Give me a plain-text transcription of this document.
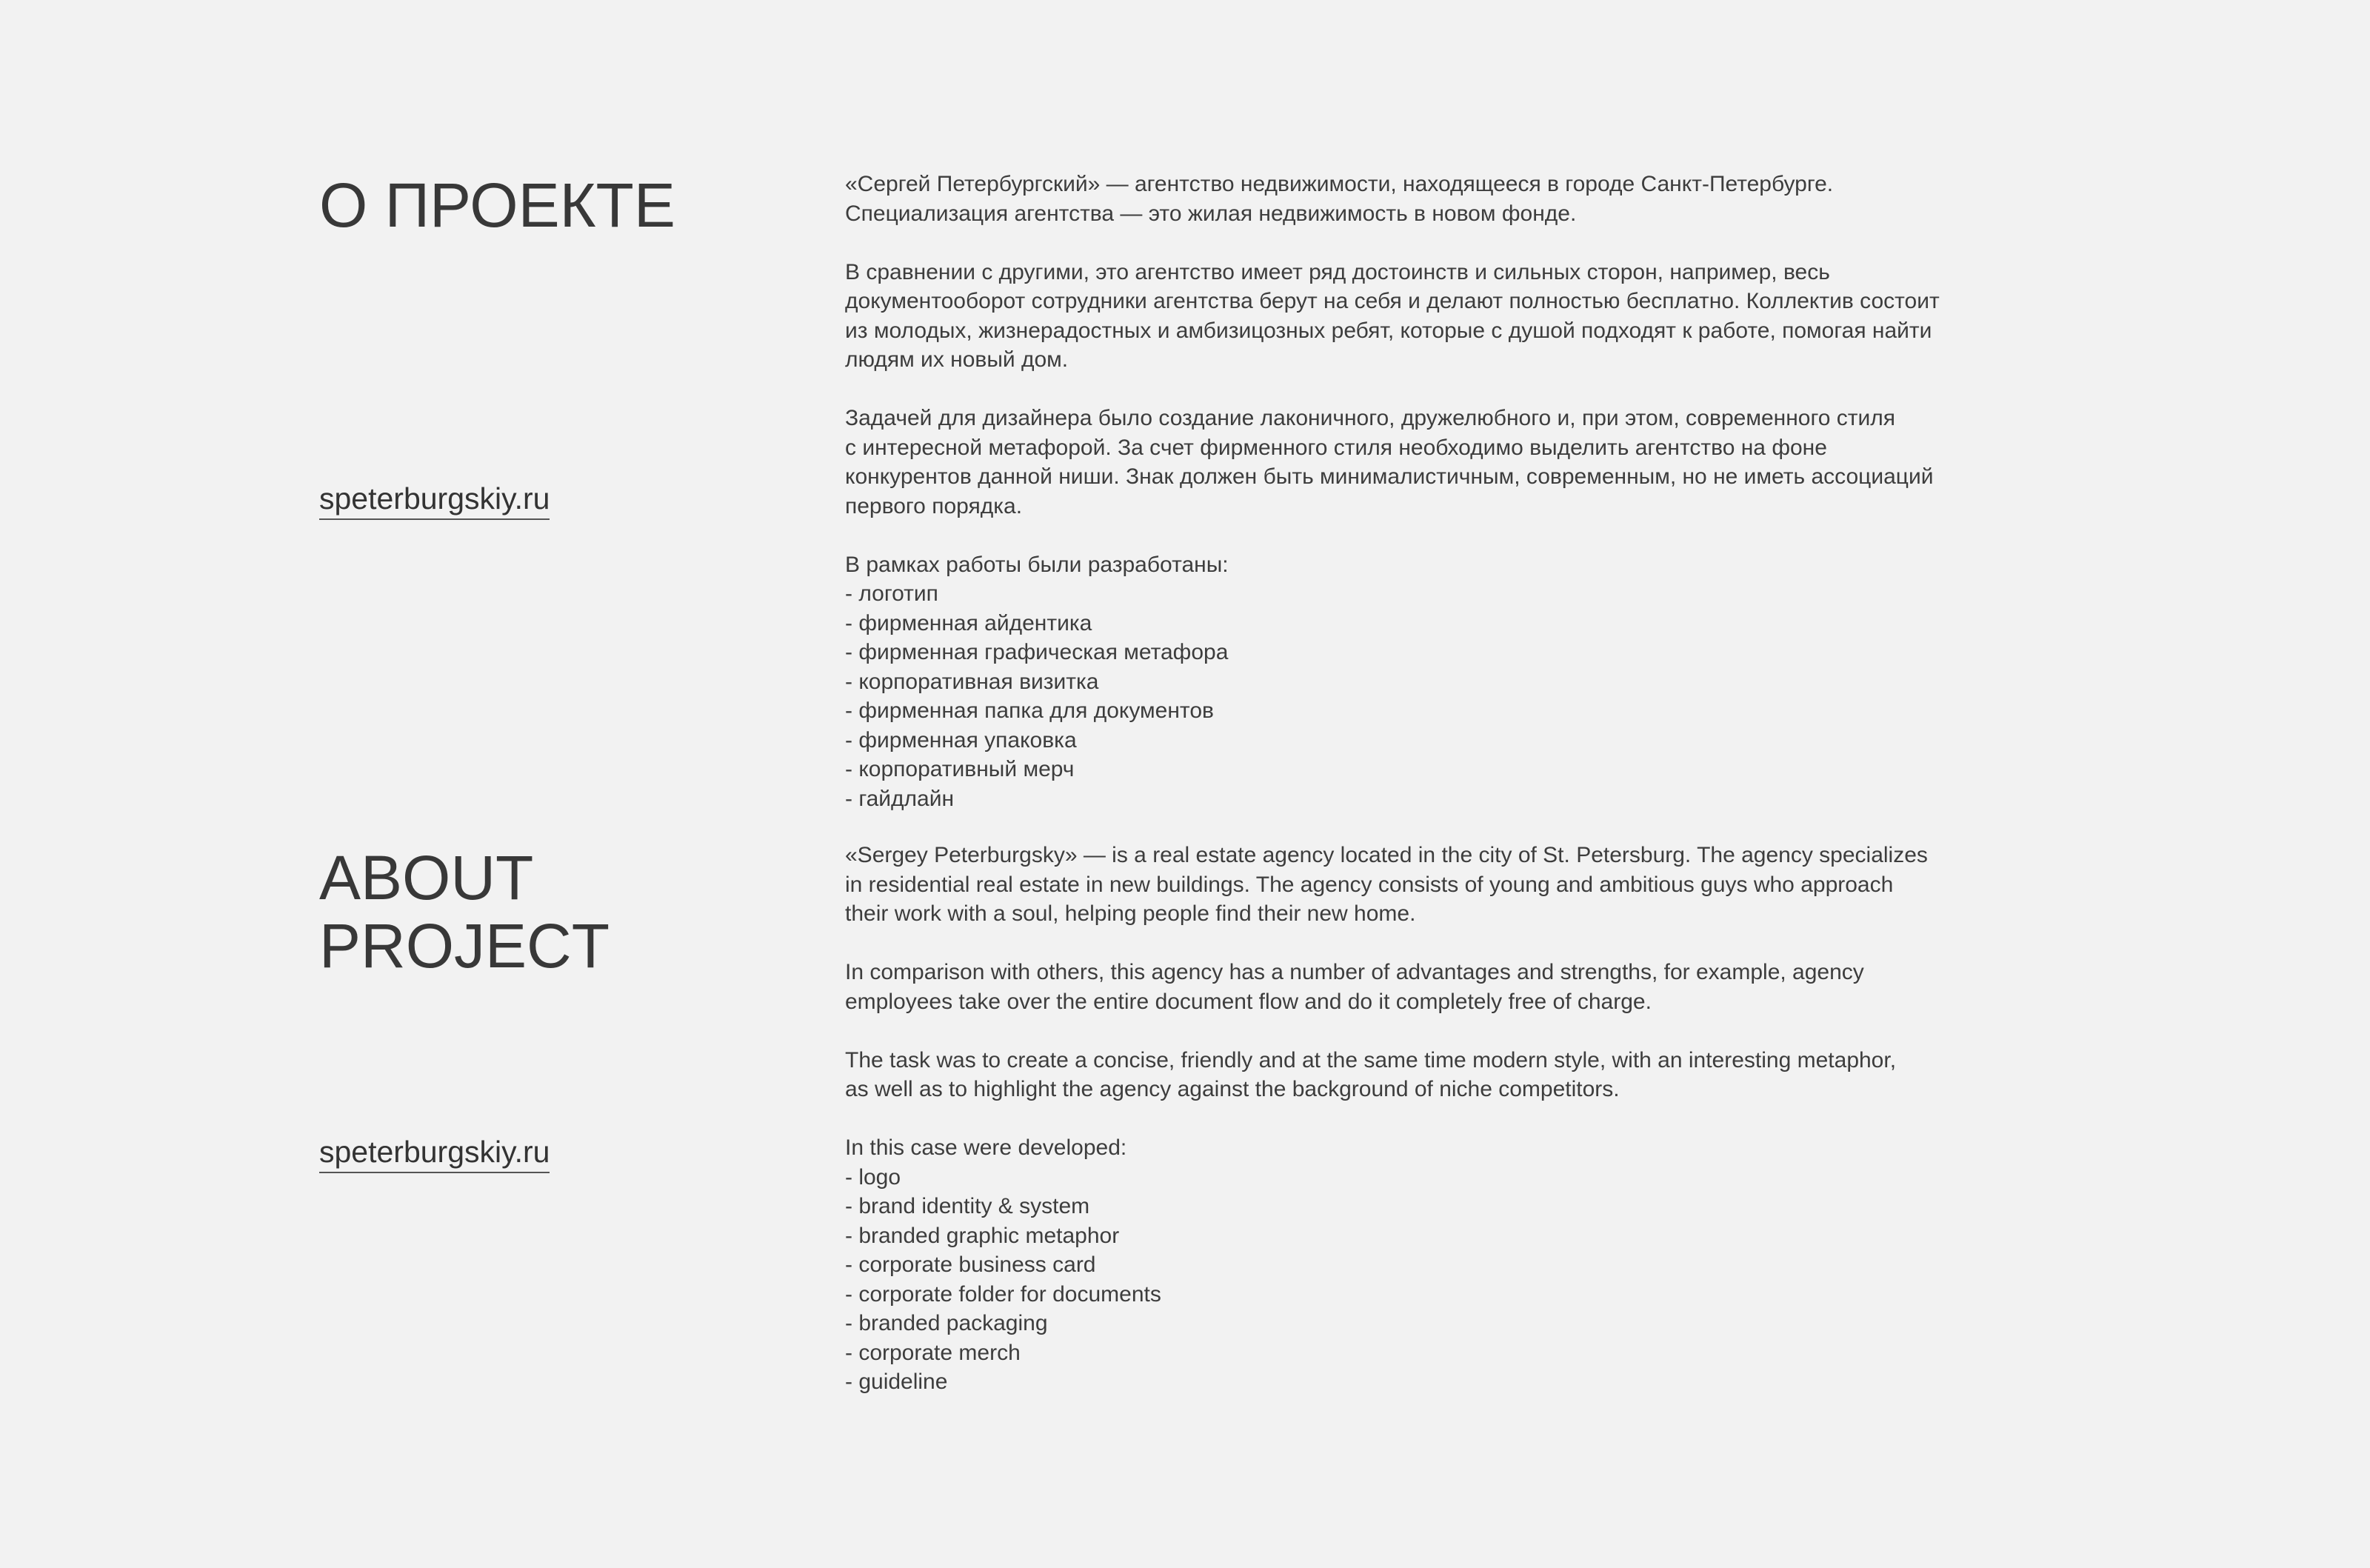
О ПРОЕКТЕ
speterburgskiy.ru

«Сергей Петербургский» — агентство недвижимости, находящееся в городе Санкт-Петербурге.
Специализация агентства — это жилая недвижимость в новом фонде.

В сравнении с другими, это агентство имеет ряд достоинств и сильных сторон, например, весь
документооборот сотрудники агентства берут на себя и делают полностью бесплатно. Коллектив состоит
из молодых, жизнерадостных и амбизицозных ребят, которые с душой подходят к работе, помогая найти
людям их новый дом.

Задачей для дизайнера было создание лаконичного, дружелюбного и, при этом, современного стиля
с интересной метафорой. За счет фирменного стиля необходимо выделить агентство на фоне
конкурентов данной ниши. Знак должен быть минималистичным, современным, но не иметь ассоциаций
первого порядка.

В рамках работы были разработаны:
- логотип
- фирменная айдентика
- фирменная графическая метафора
- корпоративная визитка
- фирменная папка для документов
- фирменная упаковка
- корпоративный мерч
- гайдлайн
ABOUT
PROJECT
speterburgskiy.ru

«Sergey Peterburgsky» — is a real estate agency located in the city of St. Petersburg. The agency specializes
in residential real estate in new buildings. The agency consists of young and ambitious guys who approach
their work with a soul, helping people find their new home.

In comparison with others, this agency has a number of advantages and strengths, for example, agency
employees take over the entire document flow and do it completely free of charge.

The task was to create a concise, friendly and at the same time modern style, with an interesting metaphor,
as well as to highlight the agency against the background of niche competitors.

In this case were developed:
- logo
- brand identity & system
- branded graphic metaphor
- corporate business card
- corporate folder for documents
- branded packaging
- corporate merch
- guideline
